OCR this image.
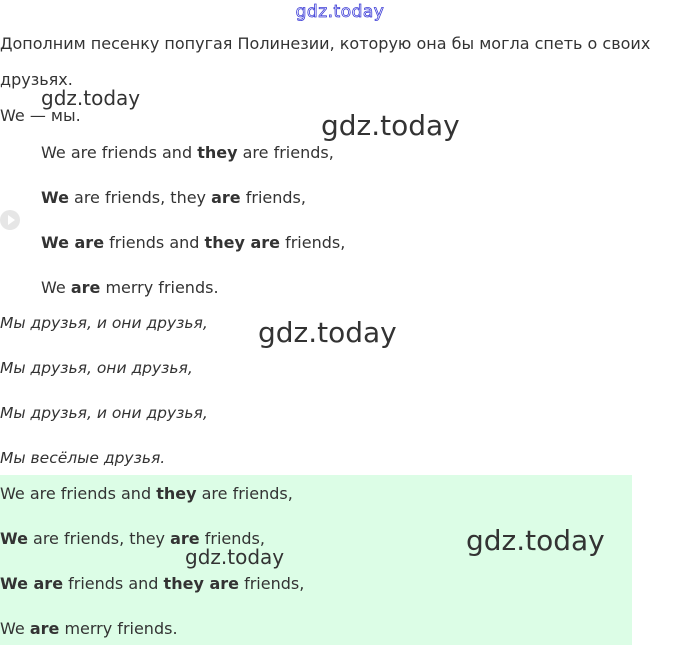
gdz.today
Дополним песенку попугая Полинезии, которую она бы могла спеть о своих
друзьях.
We — мы.
We are friends and they are friends,
We are friends, they are friends,
We are friends and they are friends,
We are merry friends.
Мы друзья, и они друзья,
Мы друзья, они друзья,
Мы друзья, и они друзья,
Мы весёлые друзья.
We are friends and they are friends,
We are friends, they are friends,
We are friends and they are friends,
We are merry friends.
gdz.today
gdz.today
gdz.today
gdz.today
gdz.today
